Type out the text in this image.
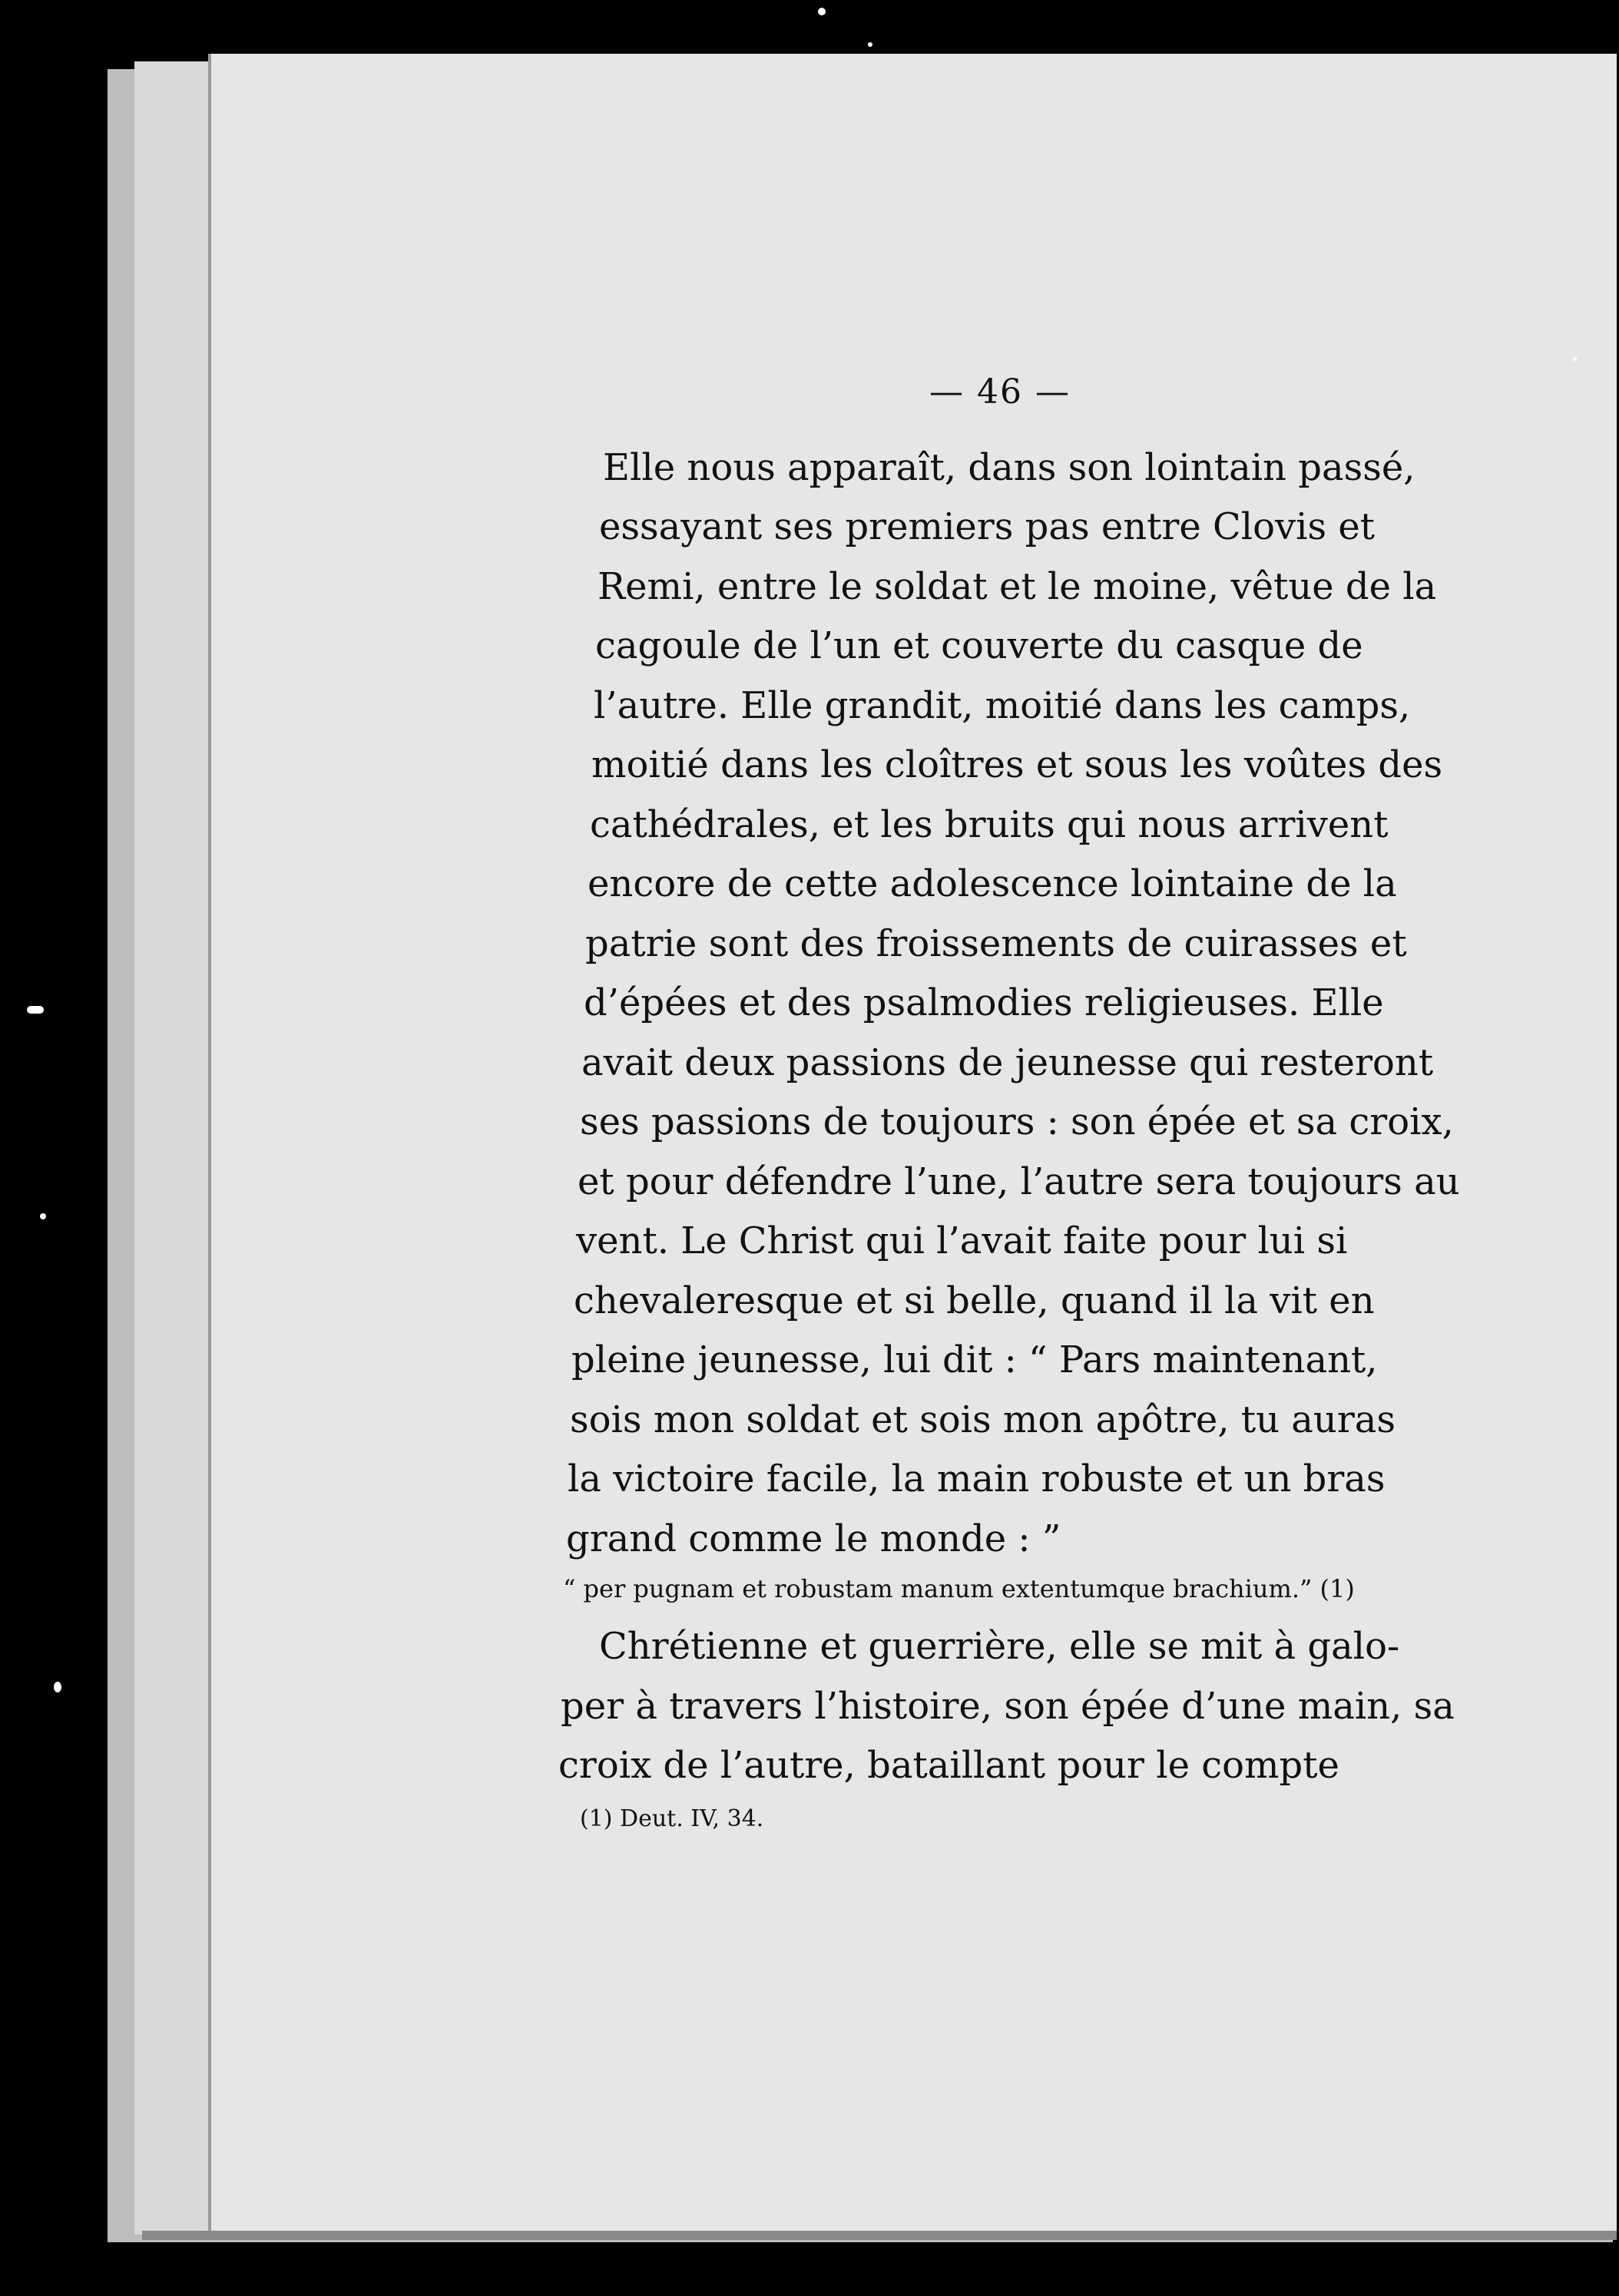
— 46 —
Elle nous apparaît, dans son lointain passé,
essayant ses premiers pas entre Clovis et
Remi, entre le soldat et le moine, vêtue de la
cagoule de l’un et couverte du casque de
l’autre. Elle grandit, moitié dans les camps,
moitié dans les cloîtres et sous les voûtes des
cathédrales, et les bruits qui nous arrivent
encore de cette adolescence lointaine de la
patrie sont des froissements de cuirasses et
d’épées et des psalmodies religieuses. Elle
avait deux passions de jeunesse qui resteront
ses passions de toujours : son épée et sa croix,
et pour défendre l’une, l’autre sera toujours au
vent. Le Christ qui l’avait faite pour lui si
chevaleresque et si belle, quand il la vit en
pleine jeunesse, lui dit : “ Pars maintenant,
sois mon soldat et sois mon apôtre, tu auras
la victoire facile, la main robuste et un bras
grand comme le monde : ”
“ per pugnam et robustam manum extentumque brachium.” (1)
Chrétienne et guerrière, elle se mit à galo-
per à travers l’histoire, son épée d’une main, sa
croix de l’autre, bataillant pour le compte
(1) Deut. IV, 34.
